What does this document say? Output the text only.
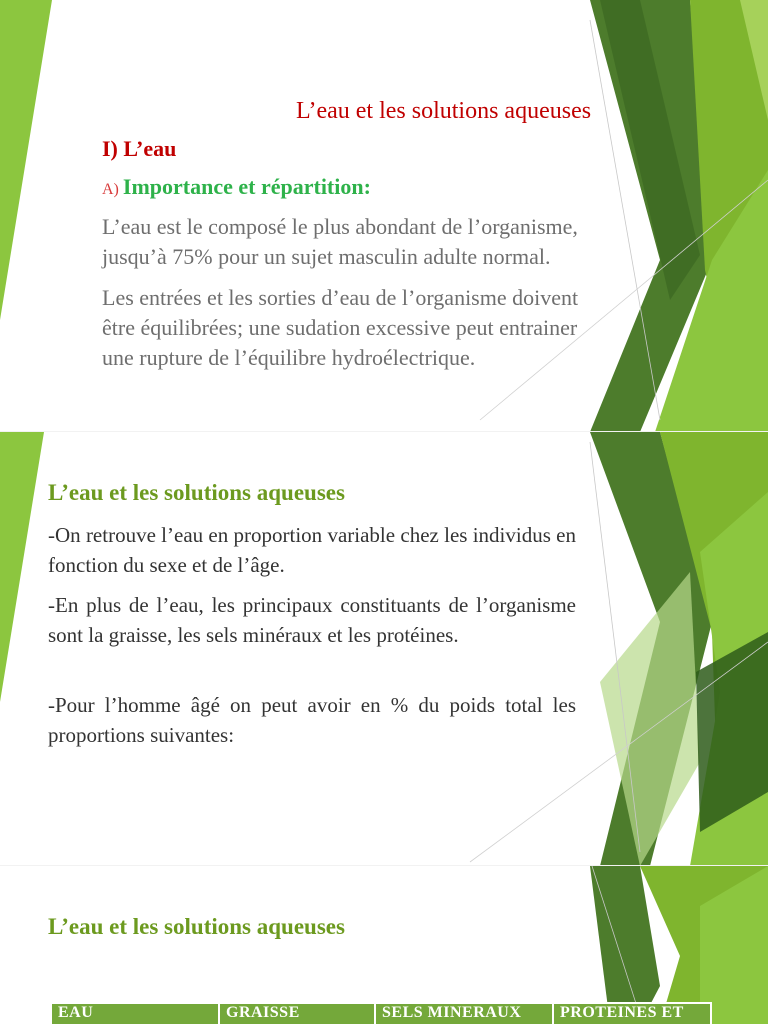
L’eau et les solutions aqueuses

I) L’eau

A) Importance et répartition:

L’eau est le composé le plus abondant de l’organisme,
jusqu’à 75% pour un sujet masculin adulte normal.

Les entrées et les sorties d’eau de l’organisme doivent
être équilibrées; une sudation excessive peut entrainer
une rupture de l’équilibre hydroélectrique.

L’eau et les solutions aqueuses

-On retrouve l’eau en proportion variable chez les individus en fonction du sexe et de l’âge.

-En plus de l’eau, les principaux constituants de l’organisme sont la graisse, les sels minéraux et les protéines.

-Pour l’homme âgé on peut avoir en % du poids total les proportions suivantes:

L’eau et les solutions aqueuses

EAU	GRAISSE	SELS MINERAUX	PROTEINES ET
